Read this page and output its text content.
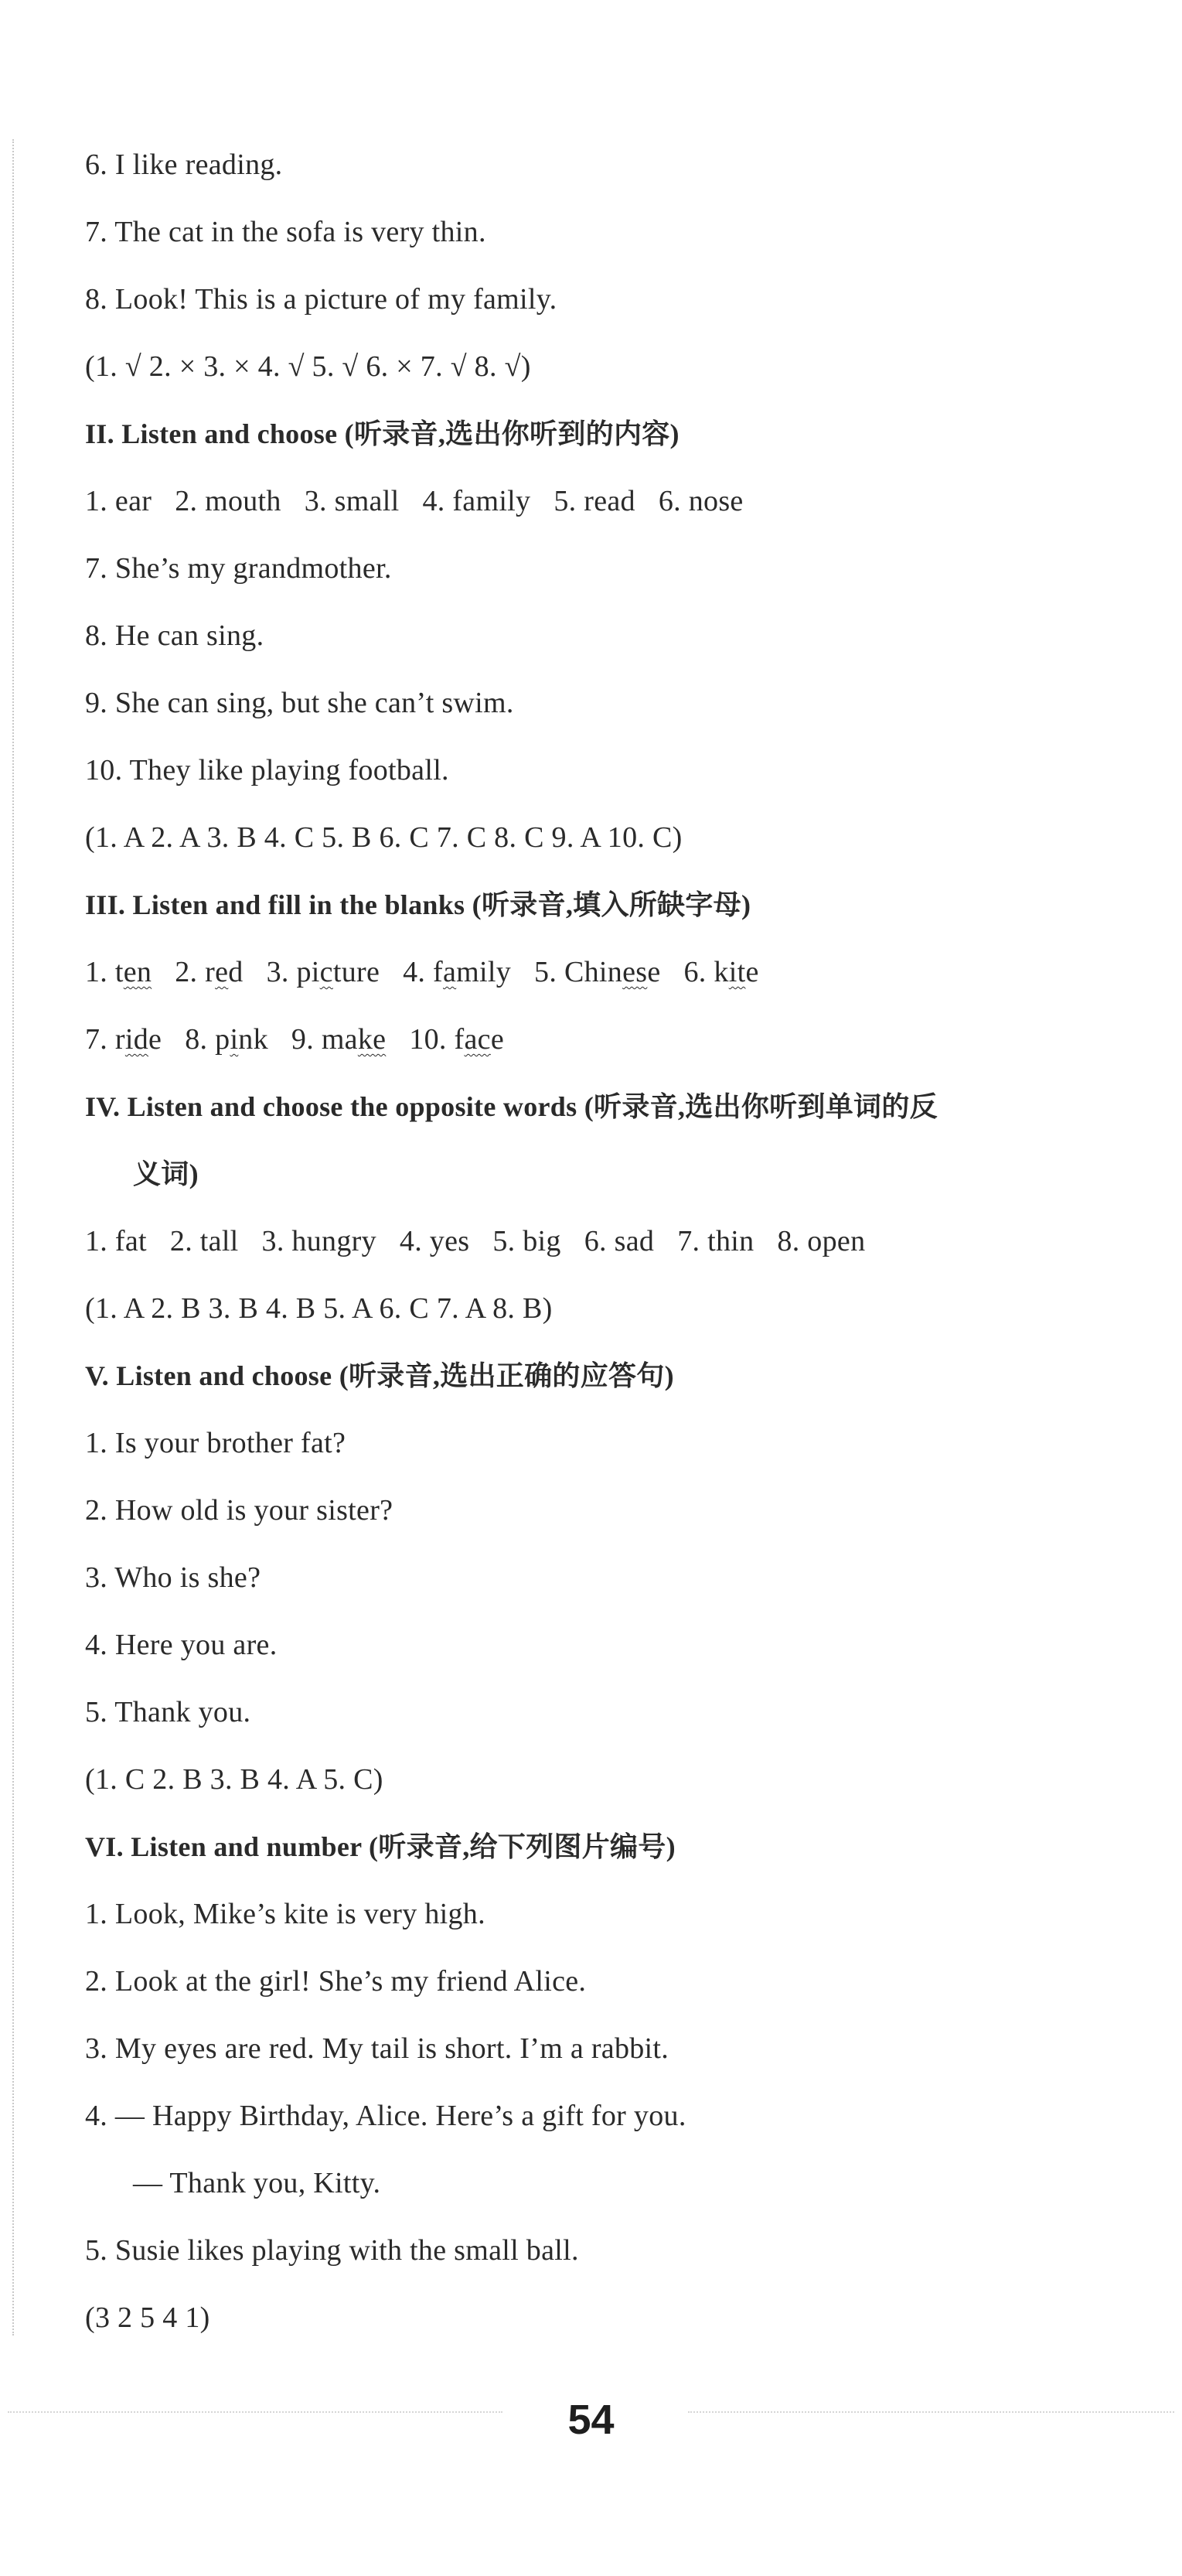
6. I like reading.
7. The cat in the sofa is very thin.
8. Look! This is a picture of my family.
(1. √ 2. × 3. × 4. √ 5. √ 6. × 7. √ 8. √)
II. Listen and choose (听录音,选出你听到的内容)
1. ear 2. mouth 3. small 4. family 5. read 6. nose
7. She’s my grandmother.
8. He can sing.
9. She can sing, but she can’t swim.
10. They like playing football.
(1. A 2. A 3. B 4. C 5. B 6. C 7. C 8. C 9. A 10. C)
III. Listen and fill in the blanks (听录音,填入所缺字母)
1. ten 2. red 3. picture 4. family 5. Chinese 6. kite
7. ride 8. pink 9. make 10. face
IV. Listen and choose the opposite words (听录音,选出你听到单词的反
义词)
1. fat 2. tall 3. hungry 4. yes 5. big 6. sad 7. thin 8. open
(1. A 2. B 3. B 4. B 5. A 6. C 7. A 8. B)
V. Listen and choose (听录音,选出正确的应答句)
1. Is your brother fat?
2. How old is your sister?
3. Who is she?
4. Here you are.
5. Thank you.
(1. C 2. B 3. B 4. A 5. C)
VI. Listen and number (听录音,给下列图片编号)
1. Look, Mike’s kite is very high.
2. Look at the girl! She’s my friend Alice.
3. My eyes are red. My tail is short. I’m a rabbit.
4. — Happy Birthday, Alice. Here’s a gift for you.
— Thank you, Kitty.
5. Susie likes playing with the small ball.
(3 2 5 4 1)
54
